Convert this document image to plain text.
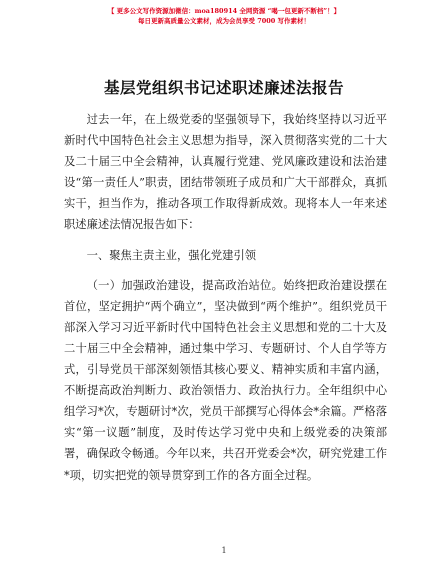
【 更多公文写作资源加微信：moa180914 全网资源 “喝一包更新不断档”！】
每日更新高质量公文素材，成为会员享受 7000 写作素材！
基层党组织书记述职述廉述法报告

过去一年，在上级党委的坚强领导下，我始终坚持以习近平新时代中国特色社会主义思想为指导，深入贯彻落实党的二十大及二十届三中全会精神，认真履行党建、党风廉政建设和法治建设“第一责任人”职责，团结带领班子成员和广大干部群众，真抓实干，担当作为，推动各项工作取得新成效。现将本人一年来述职述廉述法情况报告如下：

一、聚焦主责主业，强化党建引领

（一）加强政治建设，提高政治站位。始终把政治建设摆在首位，坚定拥护“两个确立”，坚决做到“两个维护”。组织党员干部深入学习习近平新时代中国特色社会主义思想和党的二十大及二十届三中全会精神，通过集中学习、专题研讨、个人自学等方式，引导党员干部深刻领悟其核心要义、精神实质和丰富内涵，不断提高政治判断力、政治领悟力、政治执行力。全年组织中心组学习*次，专题研讨*次，党员干部撰写心得体会*余篇。严格落实“第一议题”制度，及时传达学习党中央和上级党委的决策部署，确保政令畅通。今年以来，共召开党委会*次，研究党建工作*项，切实把党的领导贯穿到工作的各方面全过程。

1
